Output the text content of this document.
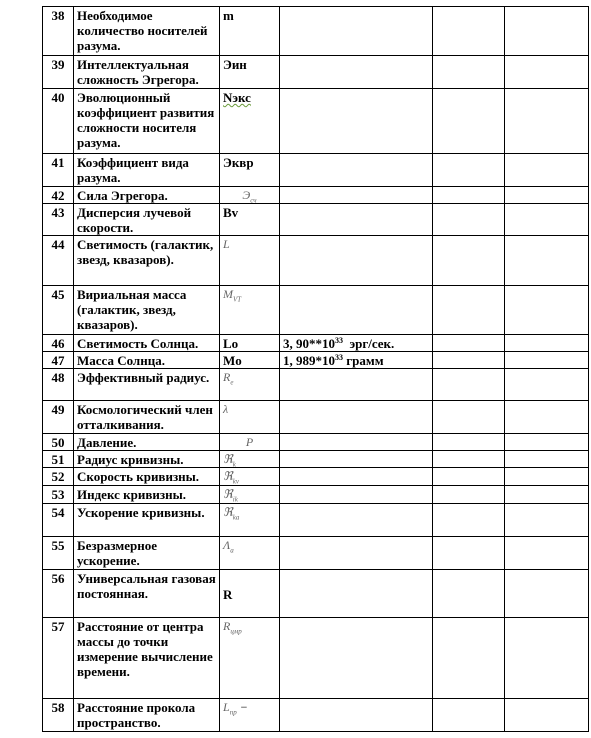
38	Необходимое количество носителей разума.	m			
39	Интеллектуальная сложность Эгрегора.	Эин			
40	Эволюционный коэффициент развития сложности носителя разума.	Nэкс			
41	Коэффициент вида разума.	Эквр			
42	Сила Эгрегора.	$Э_{сч}$			
43	Дисперсия лучевой скорости.	Bv			
44	Светимость (галактик, звезд, квазаров).	L			
45	Вириальная масса (галактик, звезд, квазаров).	$M_{VT}$			
46	Светимость Солнца.	Lo	3, $90**10^{33}$  эрг/сек.		
47	Масса Солнца.	Mo	1, $989*10^{33}$ грамм		
48	Эффективный радиус.	$R_e$			
49	Космологический член отталкивания.	λ			
50	Давление.	P			
51	Радиус кривизны.	ℜ$_k$			
52	Скорость кривизны.	ℜ$_{kv}$			
53	Индекс кривизны.	ℜ$_{ik}$			
54	Ускорение кривизны.	ℜ$_{ka}$			
55	Безразмерное ускорение.	$\Lambda_a$			
56	Универсальная газовая постоянная.	R			
57	Расстояние от центра массы до точки измерение вычисление времени.	$R_{цмр}$			
58	Расстояние прокола пространство.	$L_{np}$ −			
